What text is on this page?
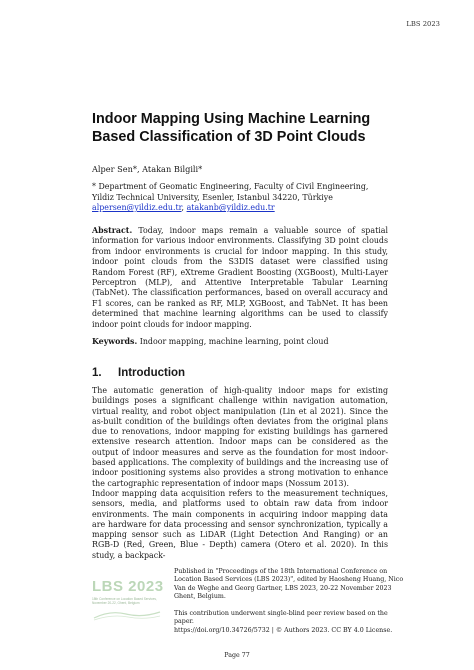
LBS 2023
Indoor Mapping Using Machine Learning Based Classification of 3D Point Clouds
Alper Sen*, Atakan Bilgili*
* Department of Geomatic Engineering, Faculty of Civil Engineering, Yildiz Technical University, Esenler, Istanbul 34220, Türkiye
alpersen@yildiz.edu.tr, atakanb@yildiz.edu.tr

Abstract. Today, indoor maps remain a valuable source of spatial information for various indoor environments. Classifying 3D point clouds from indoor environments is crucial for indoor mapping. In this study, indoor point clouds from the S3DIS dataset were classified using Random Forest (RF), eXtreme Gradient Boosting (XGBoost), Multi-Layer Perceptron (MLP), and Attentive Interpretable Tabular Learning (TabNet). The classification performances, based on overall accuracy and F1 scores, can be ranked as RF, MLP, XGBoost, and TabNet. It has been determined that machine learning algorithms can be used to classify indoor point clouds for indoor mapping.

Keywords. Indoor mapping, machine learning, point cloud

1. Introduction

The automatic generation of high-quality indoor maps for existing buildings poses a significant challenge within navigation automation, virtual reality, and robot object manipulation (Lin et al 2021). Since the as-built condition of the buildings often deviates from the original plans due to renovations, indoor mapping for existing buildings has garnered extensive research attention. Indoor maps can be considered as the output of indoor measures and serve as the foundation for most indoor-based applications. The complexity of buildings and the increasing use of indoor positioning systems also provides a strong motivation to enhance the cartographic representation of indoor maps (Nossum 2013).

Indoor mapping data acquisition refers to the measurement techniques, sensors, media, and platforms used to obtain raw data from indoor environments. The main components in acquiring indoor mapping data are hardware for data processing and sensor synchronization, typically a mapping sensor such as LiDAR (Light Detection And Ranging) or an RGB-D (Red, Green, Blue - Depth) camera (Otero et al. 2020). In this study, a backpack-

LBS 2023
18th Conference on Location Based Services, November 20-22, Ghent, Belgium

Published in "Proceedings of the 18th International Conference on Location Based Services (LBS 2023)", edited by Haosheng Huang, Nico Van de Weghe and Georg Gartner, LBS 2023, 20-22 November 2023 Ghent, Belgium.

This contribution underwent single-blind peer review based on the paper.
https://doi.org/10.34726/5732 | © Authors 2023. CC BY 4.0 License.

Page 77
